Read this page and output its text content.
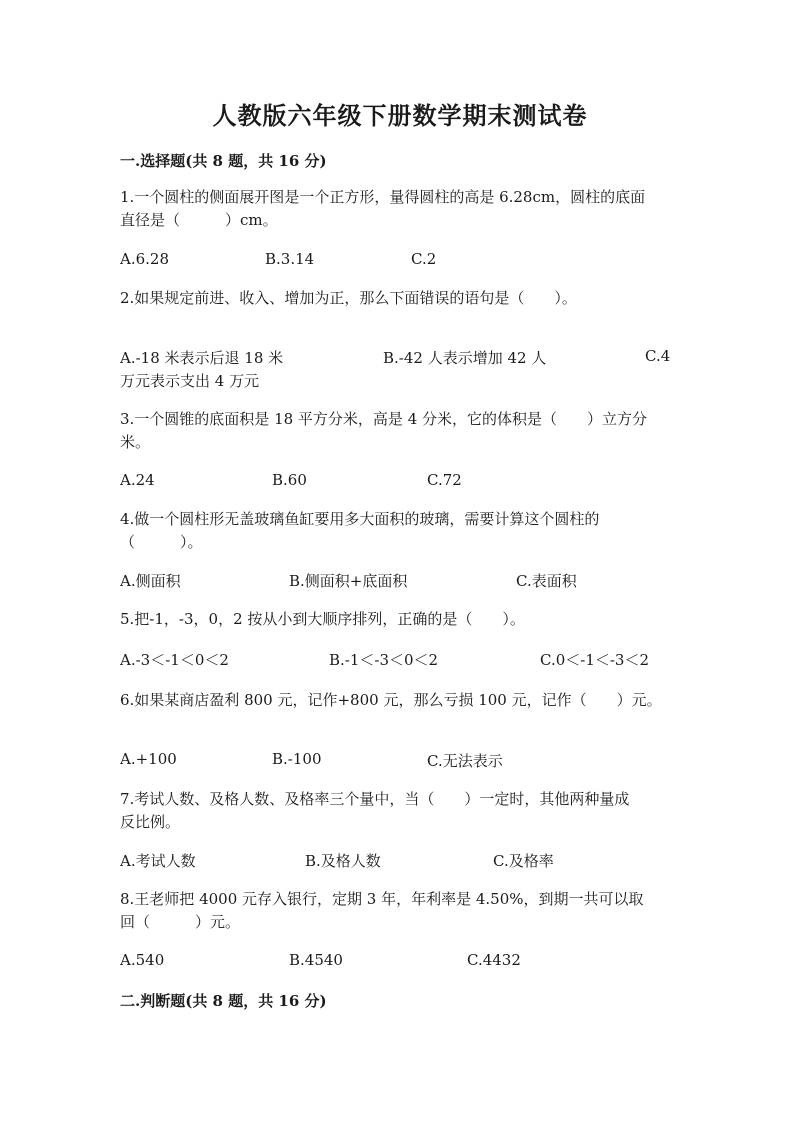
人教版六年级下册数学期末测试卷
一.选择题(共 8 题，共 16 分)
1.一个圆柱的侧面展开图是一个正方形，量得圆柱的高是 6.28cm，圆柱的底面
直径是（　　　）cm。
A.6.28	B.3.14	C.2
2.如果规定前进、收入、增加为正，那么下面错误的语句是（　　）。
A.-18 米表示后退 18 米	B.-42 人表示增加 42 人	C.4
万元表示支出 4 万元
3.一个圆锥的底面积是 18 平方分米，高是 4 分米，它的体积是（　　）立方分
米。
A.24	B.60	C.72
4.做一个圆柱形无盖玻璃鱼缸要用多大面积的玻璃，需要计算这个圆柱的
（　　　）。
A.侧面积	B.侧面积+底面积	C.表面积
5.把-1，-3，0，2 按从小到大顺序排列，正确的是（　　）。
A.-3＜-1＜0＜2	B.-1＜-3＜0＜2	C.0＜-1＜-3＜2
6.如果某商店盈利 800 元，记作+800 元，那么亏损 100 元，记作（　　）元。
A.+100	B.-100	C.无法表示
7.考试人数、及格人数、及格率三个量中，当（　　）一定时，其他两种量成
反比例。
A.考试人数	B.及格人数	C.及格率
8.王老师把 4000 元存入银行，定期 3 年，年利率是 4.50%，到期一共可以取
回（　　　）元。
A.540	B.4540	C.4432
二.判断题(共 8 题，共 16 分)
